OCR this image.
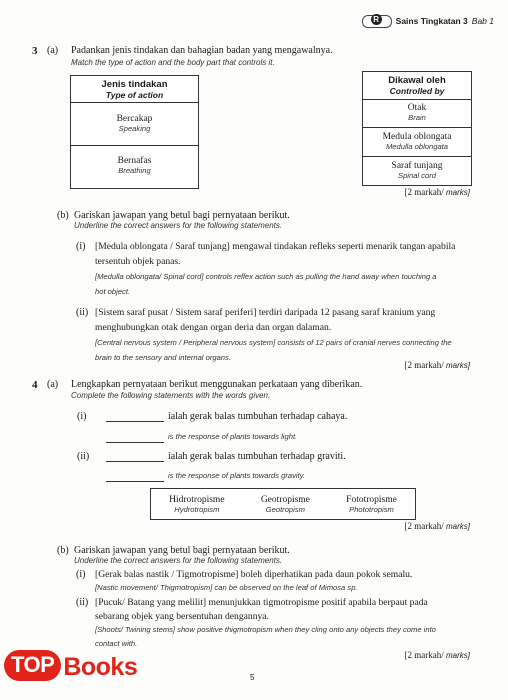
R	Sains Tingkatan 3 Bab 1
3 (a) Padankan jenis tindakan dan bahagian badan yang mengawalnya.
Match the type of action and the body part that controls it.
Jenis tindakan
Type of action
Bercakap
Speaking
Bernafas
Breathing
Dikawal oleh
Controlled by
Otak
Brain
Medula oblongata
Medulla oblongata
Saraf tunjang
Spinal cord
[2 markah/ marks]
(b) Gariskan jawapan yang betul bagi pernyataan berikut.
Underline the correct answers for the following statements.
(i) [Medula oblongata / Saraf tunjang] mengawal tindakan refleks seperti menarik tangan apabila
tersentuh objek panas.
[Medulla oblongata/ Spinal cord] controls reflex action such as pulling the hand away when touching a
hot object.
(ii) [Sistem saraf pusat / Sistem saraf periferi] terdiri daripada 12 pasang saraf kranium yang
menghubungkan otak dengan organ deria dan organ dalaman.
[Central nervous system / Peripheral nervous system] consists of 12 pairs of cranial nerves connecting the
brain to the sensory and internal organs.
[2 markah/ marks]
4 (a) Lengkapkan pernyataan berikut menggunakan perkataan yang diberikan.
Complete the following statements with the words given.
(i)	ialah gerak balas tumbuhan terhadap cahaya.
is the response of plants towards light.
(ii)	ialah gerak balas tumbuhan terhadap graviti.
is the response of plants towards gravity.
Hidrotropisme
Hydrotropism
Geotropisme
Geotropism
Fototropisme
Phototropism
[2 markah/ marks]
(b) Gariskan jawapan yang betul bagi pernyataan berikut.
Underline the correct answers for the following statements.
(i) [Gerak balas nastik / Tigmotropisme] boleh diperhatikan pada daun pokok semalu.
[Nastic movement/ Thigmotropism] can be observed on the leaf of Mimosa sp.
(ii) [Pucuk/ Batang yang melilit] menunjukkan tigmotropisme positif apabila berpaut pada
sebarang objek yang bersentuhan dengannya.
[Shoots/ Twining stems] show positive thigmotropism when they cling onto any objects they come into
contact with.
[2 markah/ marks]
5
TOP Books
